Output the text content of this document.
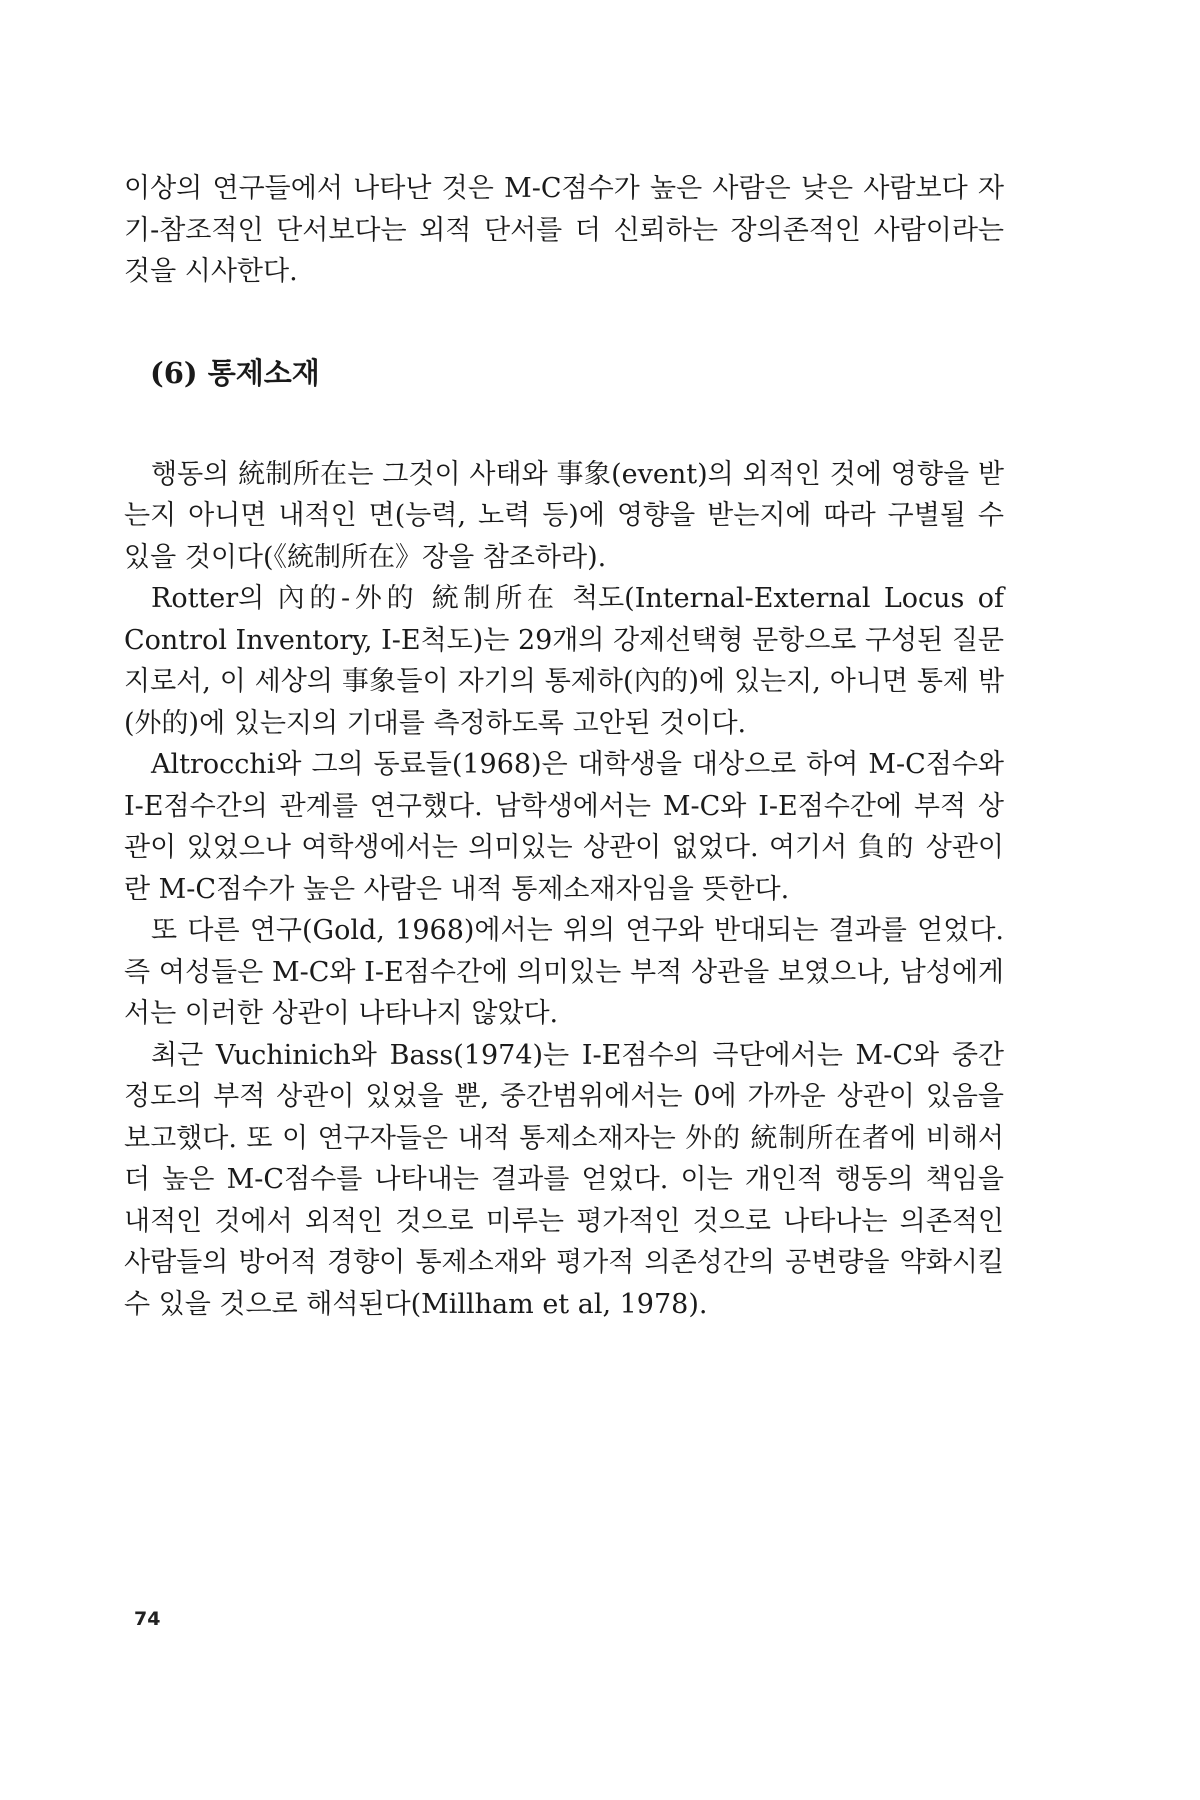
이상의 연구들에서 나타난 것은 M-C점수가 높은 사람은 낮은 사람보다 자기-참조적인 단서보다는 외적 단서를 더 신뢰하는 장의존적인 사람이라는 것을 시사한다.

(6) 통제소재

행동의 統制所在는 그것이 사태와 事象(event)의 외적인 것에 영향을 받는지 아니면 내적인 면(능력, 노력 등)에 영향을 받는지에 따라 구별될 수 있을 것이다(《統制所在》장을 참조하라).

Rotter의 內的-外的 統制所在 척도(Internal-External Locus of Control Inventory, I-E척도)는 29개의 강제선택형 문항으로 구성된 질문지로서, 이 세상의 事象들이 자기의 통제하(內的)에 있는지, 아니면 통제 밖(外的)에 있는지의 기대를 측정하도록 고안된 것이다.

Altrocchi와 그의 동료들(1968)은 대학생을 대상으로 하여 M-C점수와 I-E점수간의 관계를 연구했다. 남학생에서는 M-C와 I-E점수간에 부적 상관이 있었으나 여학생에서는 의미있는 상관이 없었다. 여기서 負的 상관이란 M-C점수가 높은 사람은 내적 통제소재자임을 뜻한다.

또 다른 연구(Gold, 1968)에서는 위의 연구와 반대되는 결과를 얻었다. 즉 여성들은 M-C와 I-E점수간에 의미있는 부적 상관을 보였으나, 남성에게서는 이러한 상관이 나타나지 않았다.

최근 Vuchinich와 Bass(1974)는 I-E점수의 극단에서는 M-C와 중간정도의 부적 상관이 있었을 뿐, 중간범위에서는 0에 가까운 상관이 있음을 보고했다. 또 이 연구자들은 내적 통제소재자는 外的 統制所在者에 비해서 더 높은 M-C점수를 나타내는 결과를 얻었다. 이는 개인적 행동의 책임을 내적인 것에서 외적인 것으로 미루는 평가적인 것으로 나타나는 의존적인 사람들의 방어적 경향이 통제소재와 평가적 의존성간의 공변량을 약화시킬 수 있을 것으로 해석된다(Millham et al, 1978).

74
